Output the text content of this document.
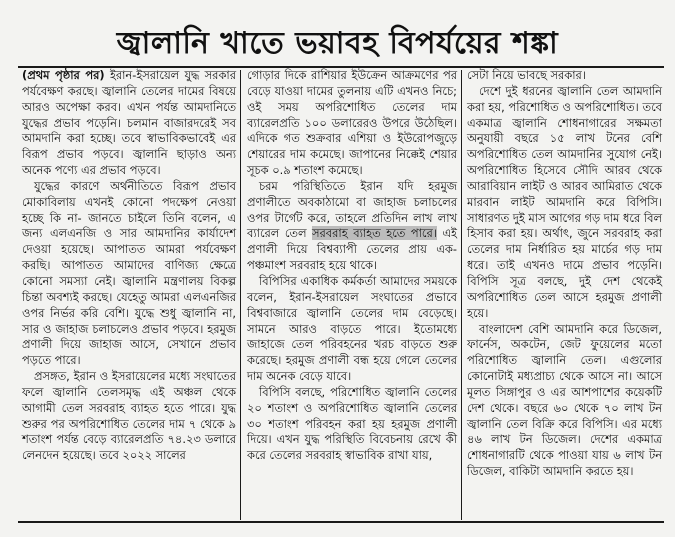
জ্বালানি খাতে ভয়াবহ বিপর্যয়ের শঙ্কা

(প্রথম পৃষ্ঠার পর) ইরান-ইসরায়েল যুদ্ধ সরকার পর্যবেক্ষণ করছে। জ্বালানি তেলের দামের বিষয়ে আরও অপেক্ষা করব। এখন পর্যন্ত আমদানিতে যুদ্ধের প্রভাব পড়েনি। চলমান বাজারদরেই সব আমদানি করা হচ্ছে। তবে স্বাভাবিকভাবেই এর বিরূপ প্রভাব পড়বে। জ্বালানি ছাড়াও অন্য অনেক পণ্যে এর প্রভাব পড়বে।

যুদ্ধের কারণে অর্থনীতিতে বিরূপ প্রভাব মোকাবিলায় এখনই কোনো পদক্ষেপ নেওয়া হচ্ছে কি না- জানতে চাইলে তিনি বলেন, এ জন্য এলএনজি ও সার আমদানির কার্যাদেশ দেওয়া হয়েছে। আপাতত আমরা পর্যবেক্ষণ করছি। আপাতত আমাদের বাণিজ্য ক্ষেত্রে কোনো সমস্যা নেই। জ্বালানি মন্ত্রণালয় বিকল্প চিন্তা অবশ্যই করছে। যেহেতু আমরা এলএনজির ওপর নির্ভর করি বেশি। যুদ্ধে শুধু জ্বালানি না, সার ও জাহাজ চলাচলেও প্রভাব পড়বে। হরমুজ প্রণালী দিয়ে জাহাজ আসে, সেখানে প্রভাব পড়তে পারে।

প্রসঙ্গত, ইরান ও ইসরায়েলের মধ্যে সংঘাতের ফলে জ্বালানি তেলসমৃদ্ধ এই অঞ্চল থেকে আগামী তেল সরবরাহ ব্যাহত হতে পারে। যুদ্ধ শুরুর পর অপরিশোধিত তেলের দাম ৭ থেকে ৯ শতাংশ পর্যন্ত বেড়ে ব্যারেলপ্রতি ৭৪.২৩ ডলারে লেনদেন হয়েছে। তবে ২০২২ সালের

গোড়ার দিকে রাশিয়ার ইউক্রেন আক্রমণের পর বেড়ে যাওয়া দামের তুলনায় এটি এখনও নিচে; ওই সময় অপরিশোধিত তেলের দাম ব্যারেলপ্রতি ১০০ ডলারেরও উপরে উঠেছিল। এদিকে গত শুক্রবার এশিয়া ও ইউরোপজুড়ে শেয়ারের দাম কমেছে। জাপানের নিক্কেই শেয়ার সূচক ০.৯ শতাংশ কমেছে।

চরম পরিস্থিতিতে ইরান যদি হরমুজ প্রণালীতে অবকাঠামো বা জাহাজ চলাচলের ওপর টার্গেট করে, তাহলে প্রতিদিন লাখ লাখ ব্যারেল তেল সরবরাহ ব্যাহত হতে পারে। এই প্রণালী দিয়ে বিশ্বব্যাপী তেলের প্রায় এক-পঞ্চমাংশ সরবরাহ হয়ে থাকে।

বিপিসির একাধিক কর্মকর্তা আমাদের সময়কে বলেন, ইরান-ইসরায়েল সংঘাতের প্রভাবে বিশ্ববাজারে জ্বালানি তেলের দাম বেড়েছে। সামনে আরও বাড়তে পারে। ইতোমধ্যে জাহাজে তেল পরিবহনের খরচ বাড়তে শুরু করেছে। হরমুজ প্রণালী বন্ধ হয়ে গেলে তেলের দাম অনেক বেড়ে যাবে।

বিপিসি বলছে, পরিশোধিত জ্বালানি তেলের ২০ শতাংশ ও অপরিশোধিত জ্বালানি তেলের ৩০ শতাংশ পরিবহন করা হয় হরমুজ প্রণালী দিয়ে। এখন যুদ্ধ পরিস্থিতি বিবেচনায় রেখে কী করে তেলের সরবরাহ স্বাভাবিক রাখা যায়,

সেটা নিয়ে ভাবছে সরকার।

দেশে দুই ধরনের জ্বালানি তেল আমদানি করা হয়, পরিশোধিত ও অপরিশোধিত। তবে একমাত্র জ্বালানি শোধনাগারের সক্ষমতা অনুযায়ী বছরে ১৫ লাখ টনের বেশি অপরিশোধিত তেল আমদানির সুযোগ নেই। অপরিশোধিত হিসেবে সৌদি আরব থেকে আরাবিয়ান লাইট ও আরব আমিরাত থেকে মারবান লাইট আমদানি করে বিপিসি। সাধারণত দুই মাস আগের গড় দাম ধরে বিল হিসাব করা হয়। অর্থাৎ, জুনে সরবরাহ করা তেলের দাম নির্ধারিত হয় মার্চের গড় দাম ধরে। তাই এখনও দামে প্রভাব পড়েনি। বিপিসি সূত্র বলছে, দুই দেশ থেকেই অপরিশোধিত তেল আসে হরমুজ প্রণালী হয়ে।

বাংলাদেশ বেশি আমদানি করে ডিজেল, ফার্নেস, অকটেন, জেট ফুয়েলের মতো পরিশোধিত জ্বালানি তেল। এগুলোর কোনোটাই মধ্যপ্রাচ্য থেকে আসে না। আসে মূলত সিঙ্গাপুর ও এর আশপাশের কয়েকটি দেশ থেকে। বছরে ৬০ থেকে ৭০ লাখ টন জ্বালানি তেল বিক্রি করে বিপিসি। এর মধ্যে ৪৬ লাখ টন ডিজেল। দেশের একমাত্র শোধনাগারটি থেকে পাওয়া যায় ৬ লাখ টন ডিজেল, বাকিটা আমদানি করতে হয়।
